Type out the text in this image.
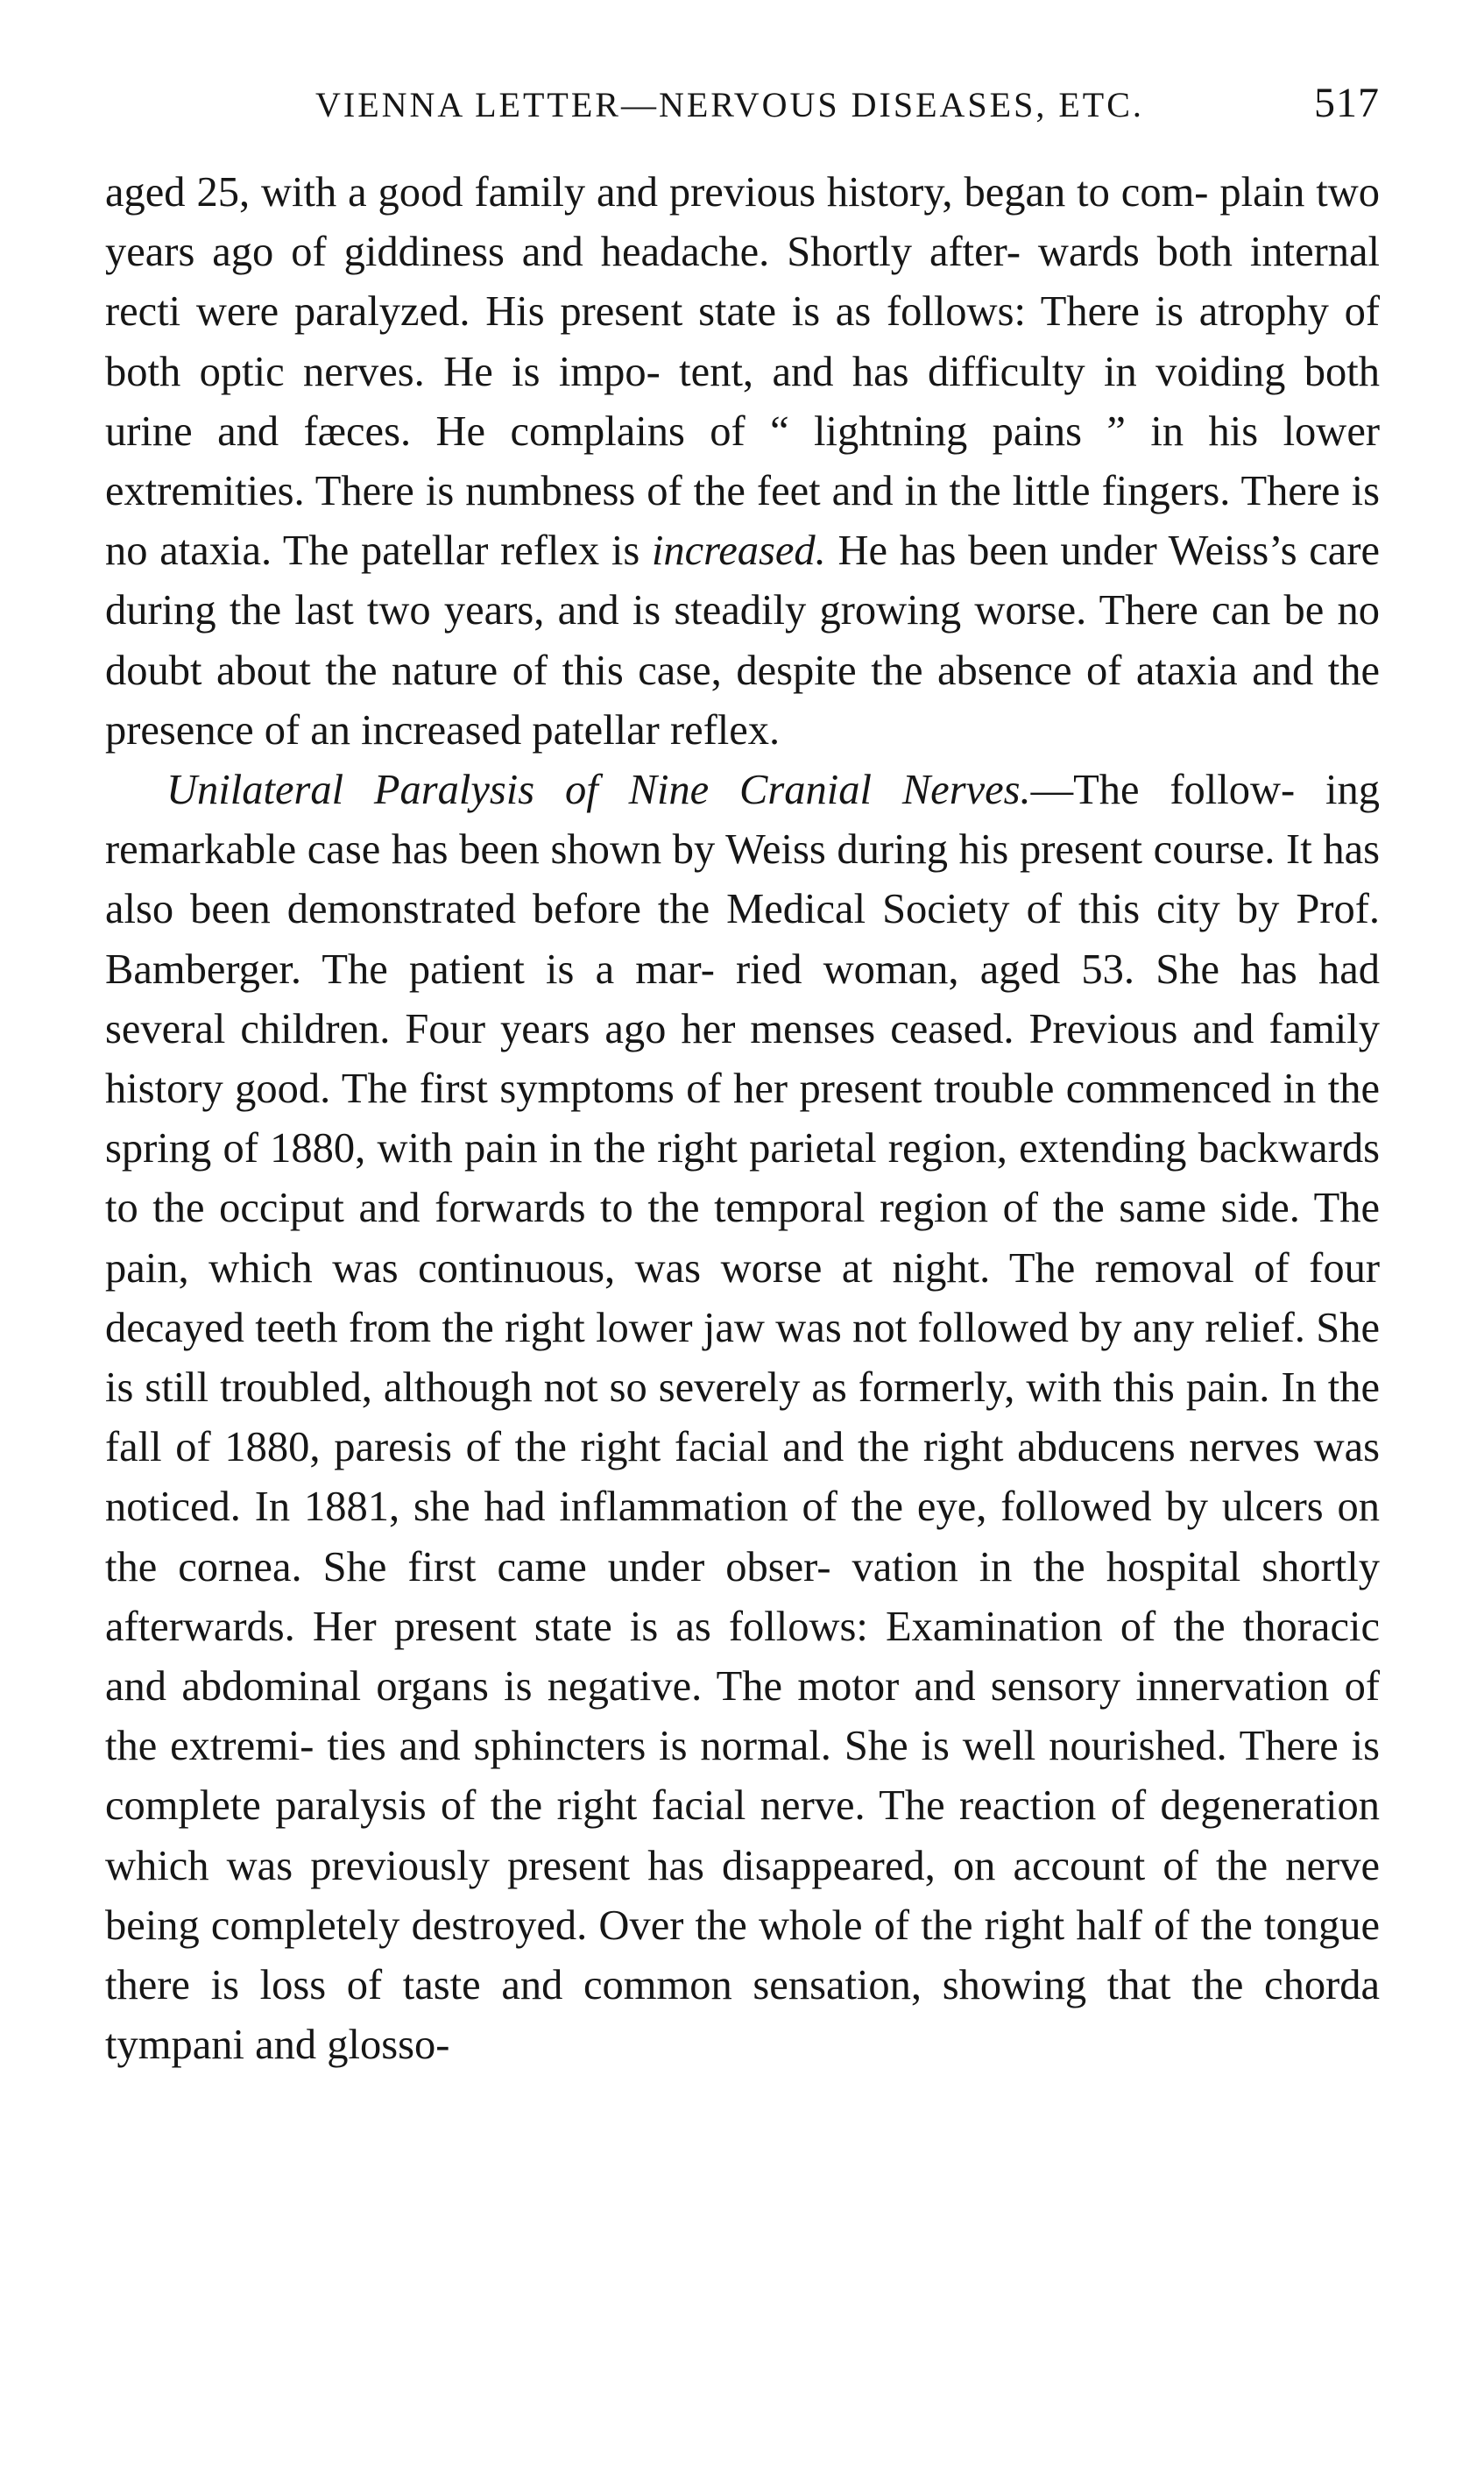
VIENNA LETTER—NERVOUS DISEASES, ETC.	517

aged 25, with a good family and previous history, began to com- plain two years ago of giddiness and headache. Shortly after- wards both internal recti were paralyzed. His present state is as follows: There is atrophy of both optic nerves. He is impo- tent, and has difficulty in voiding both urine and fæces. He complains of “ lightning pains ” in his lower extremities. There is numbness of the feet and in the little fingers. There is no ataxia. The patellar reflex is increased. He has been under Weiss’s care during the last two years, and is steadily growing worse. There can be no doubt about the nature of this case, despite the absence of ataxia and the presence of an increased patellar reflex.

Unilateral Paralysis of Nine Cranial Nerves.—The follow- ing remarkable case has been shown by Weiss during his present course. It has also been demonstrated before the Medical Society of this city by Prof. Bamberger. The patient is a mar- ried woman, aged 53. She has had several children. Four years ago her menses ceased. Previous and family history good. The first symptoms of her present trouble commenced in the spring of 1880, with pain in the right parietal region, extending backwards to the occiput and forwards to the temporal region of the same side. The pain, which was continuous, was worse at night. The removal of four decayed teeth from the right lower jaw was not followed by any relief. She is still troubled, although not so severely as formerly, with this pain. In the fall of 1880, paresis of the right facial and the right abducens nerves was noticed. In 1881, she had inflammation of the eye, followed by ulcers on the cornea. She first came under obser- vation in the hospital shortly afterwards. Her present state is as follows: Examination of the thoracic and abdominal organs is negative. The motor and sensory innervation of the extremi- ties and sphincters is normal. She is well nourished. There is complete paralysis of the right facial nerve. The reaction of degeneration which was previously present has disappeared, on account of the nerve being completely destroyed. Over the whole of the right half of the tongue there is loss of taste and common sensation, showing that the chorda tympani and glosso-
